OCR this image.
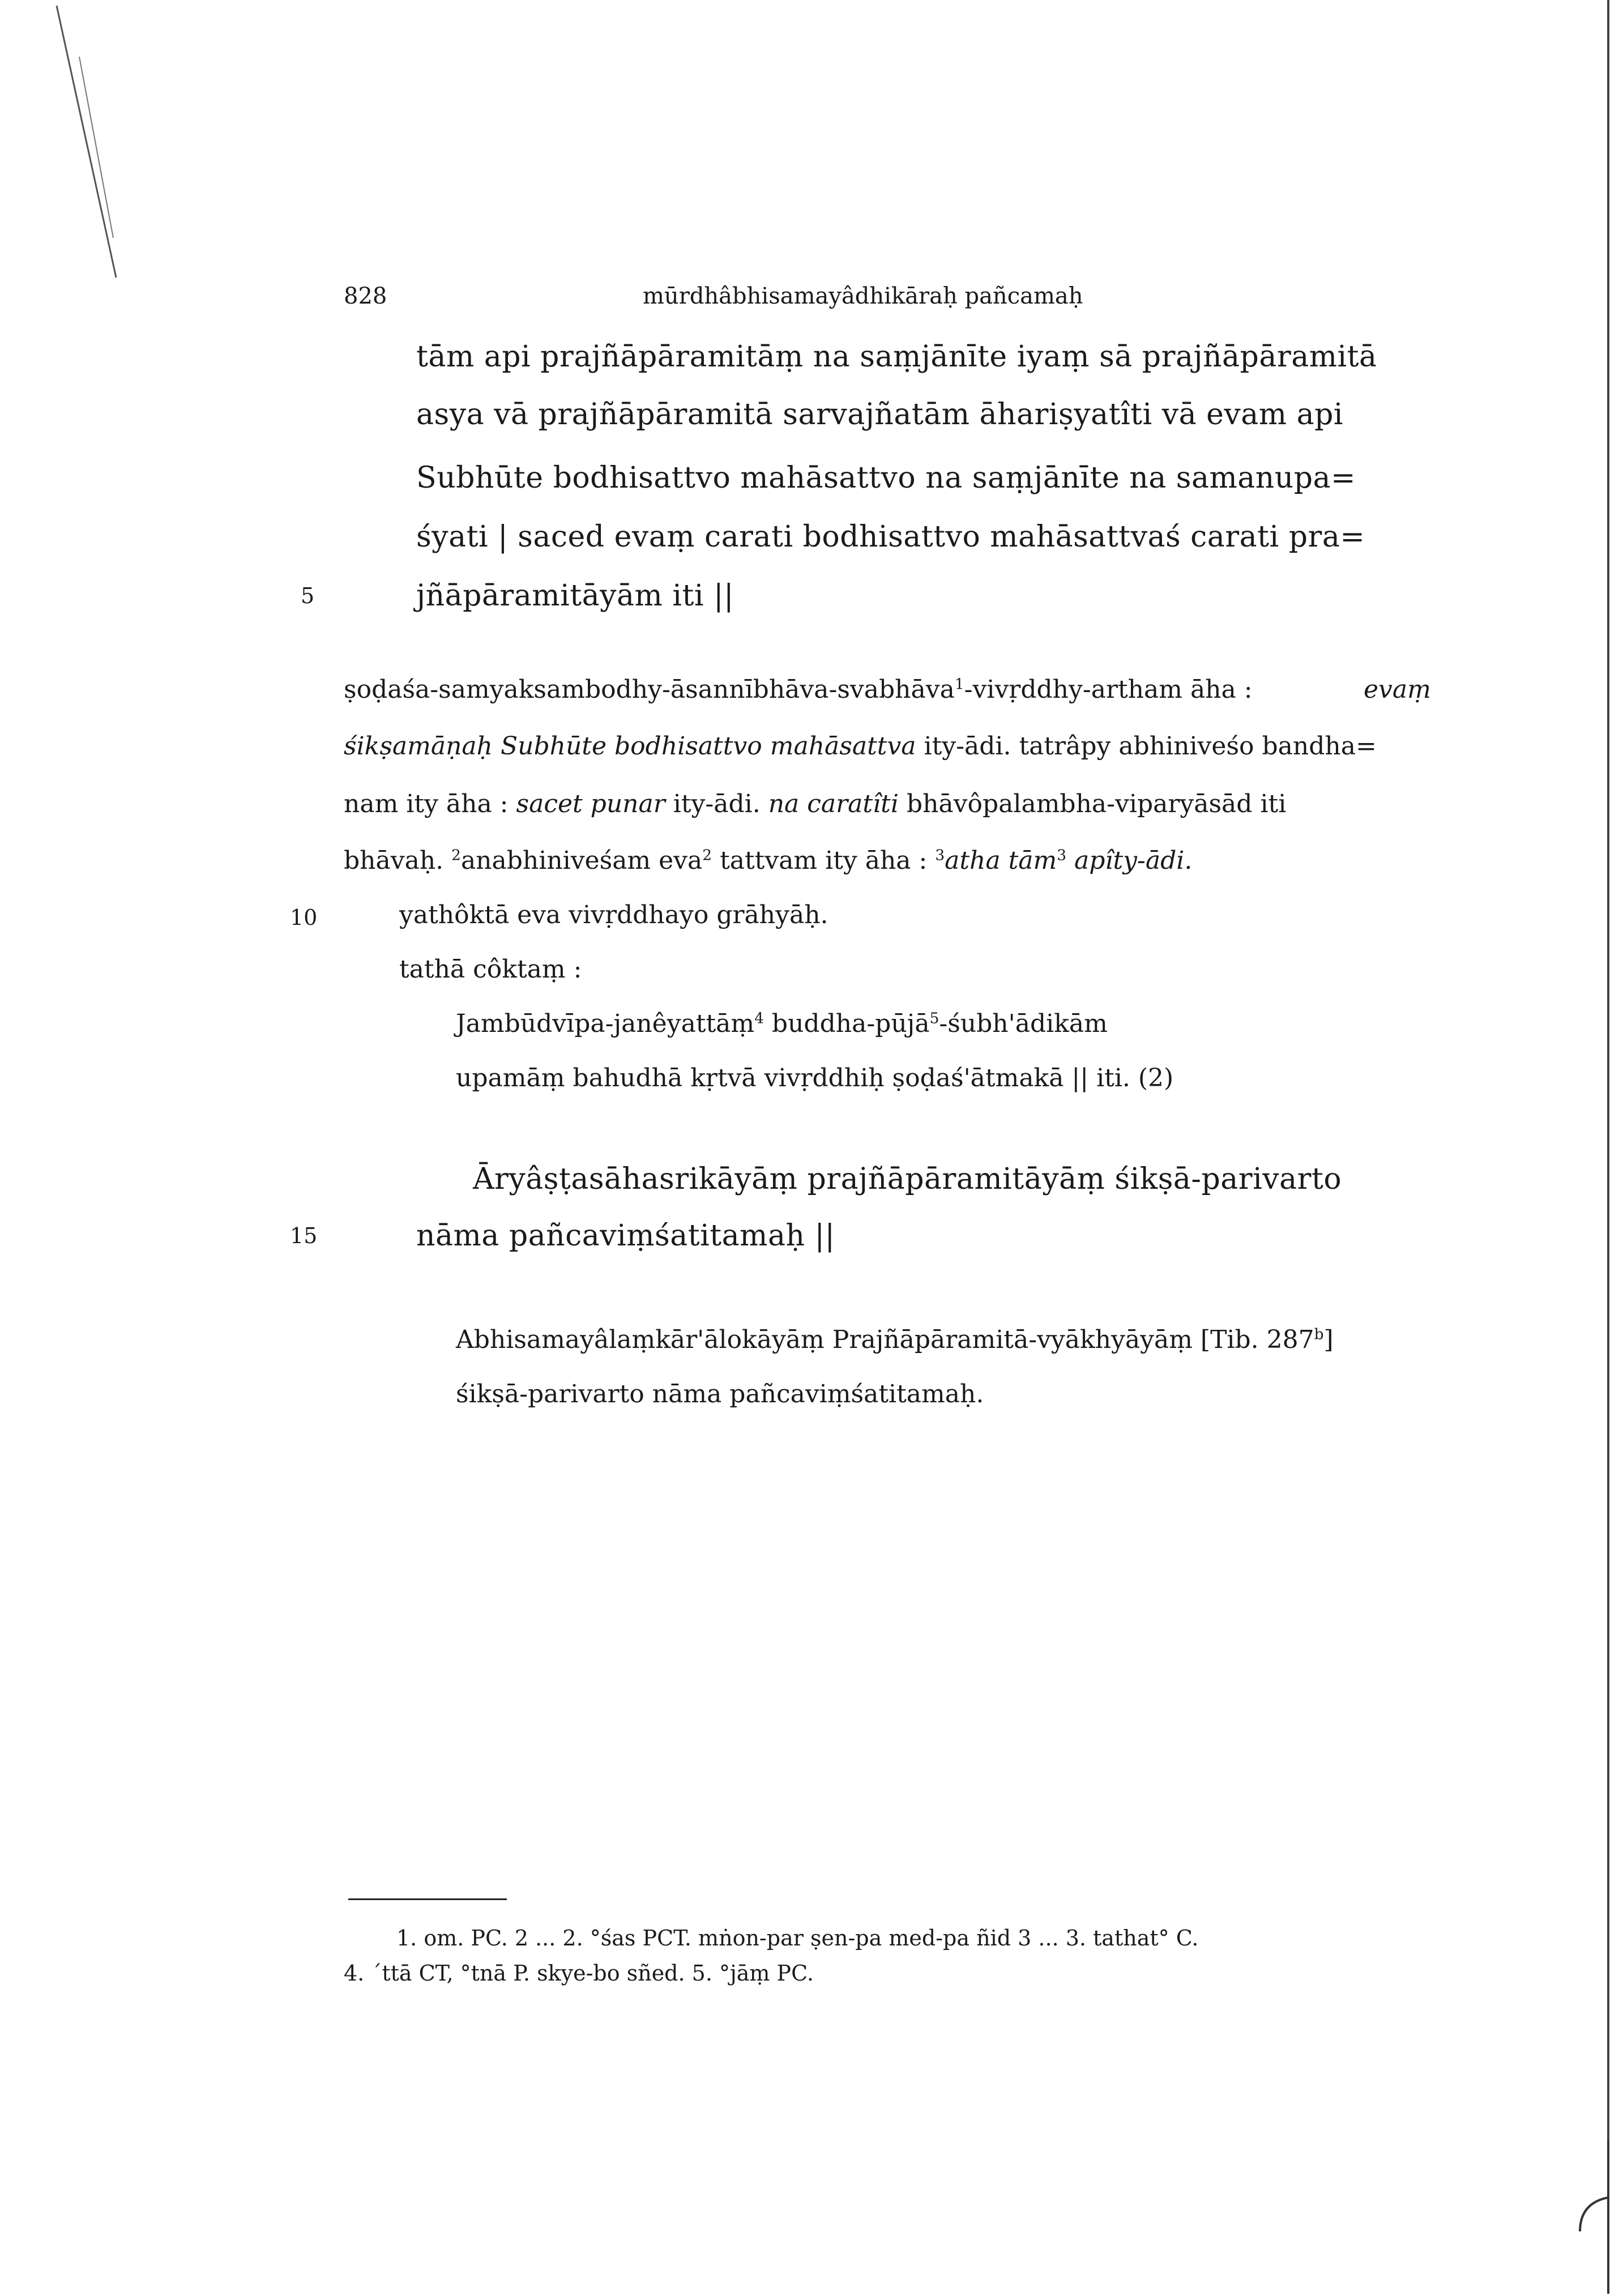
828	mūrdhâbhisamayâdhikāraḥ pañcamaḥ
tām api prajñāpāramitāṃ na saṃjānīte iyaṃ sā prajñāpāramitā
asya vā prajñāpāramitā sarvajñatām āhariṣyatîti vā evam api
Subhūte bodhisattvo mahāsattvo na saṃjānīte na samanupa=
śyati | saced evaṃ carati bodhisattvo mahāsattvaś carati pra=
jñāpāramitāyām iti ||
ṣoḍaśa-samyaksambodhy-āsannībhāva-svabhāva$^1$-vivṛddhy-artham āha :	evaṃ
śikṣamāṇaḥ Subhūte bodhisattvo mahāsattva ity-ādi. tatrâpy abhiniveśo bandha=
nam ity āha : sacet punar ity-ādi. na caratîti bhāvôpalambha-viparyāsād iti
bhāvaḥ. $^2$anabhiniveśam eva$^2$ tattvam ity āha : $^3$atha tām$^3$ apîty-ādi.
yathôktā eva vivṛddhayo grāhyāḥ.
tathā côktaṃ :
Jambūdvīpa-janêyattāṃ$^4$ buddha-pūjā$^5$-śubh'ādikām
upamāṃ bahudhā kṛtvā vivṛddhiḥ ṣoḍaś'ātmakā || iti. (2)
Āryâṣṭasāhasrikāyāṃ prajñāpāramitāyāṃ śikṣā-parivarto
nāma pañcaviṃśatitamaḥ ||
Abhisamayâlaṃkār'ālokāyāṃ Prajñāpāramitā-vyākhyāyāṃ [Tib. 287$^b$]
śikṣā-parivarto nāma pañcaviṃśatitamaḥ.
5
10
15
1. om. PC. 2 ... 2. °śas PCT. mṅon-par ṣen-pa med-pa ñid 3 ... 3. tathat° C.
4. ´ttā CT, °tnā P. skye-bo sñed. 5. °jāṃ PC.
